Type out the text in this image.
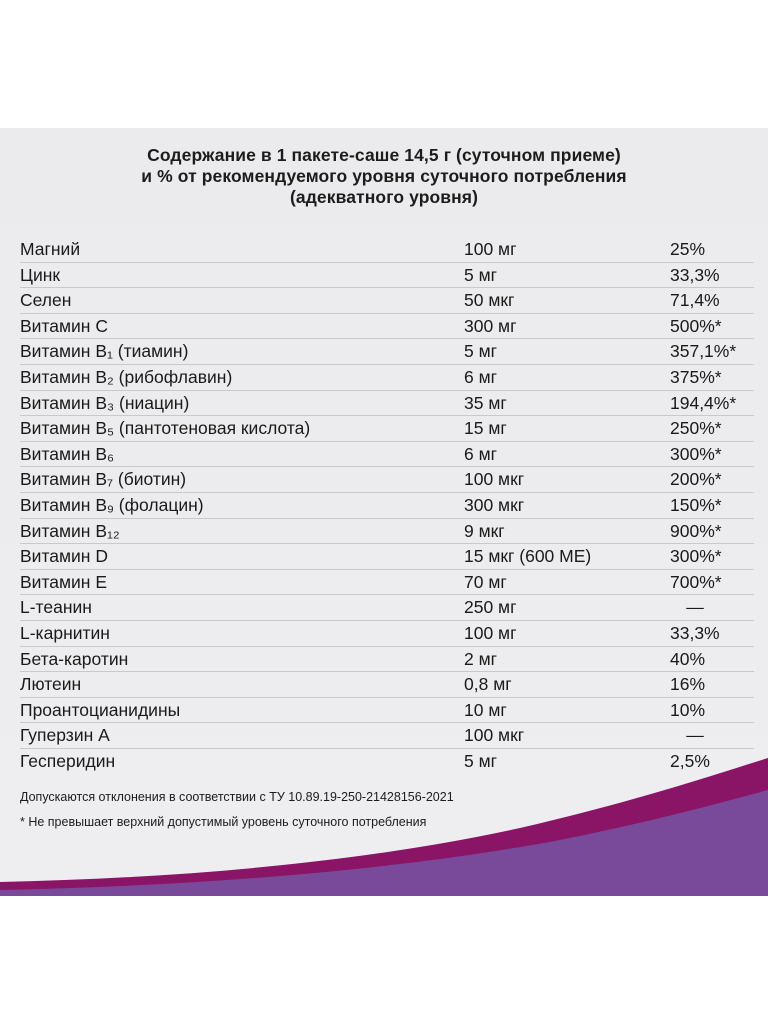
Содержание в 1 пакете-саше 14,5 г (суточном приеме)
и % от рекомендуемого уровня суточного потребления
(адекватного уровня)
Магний	100 мг	25%
Цинк	5 мг	33,3%
Селен	50 мкг	71,4%
Витамин С	300 мг	500%*
Витамин В₁ (тиамин)	5 мг	357,1%*
Витамин В₂ (рибофлавин)	6 мг	375%*
Витамин В₃ (ниацин)	35 мг	194,4%*
Витамин В₅ (пантотеновая кислота)	15 мг	250%*
Витамин В₆	6 мг	300%*
Витамин В₇ (биотин)	100 мкг	200%*
Витамин В₉ (фолацин)	300 мкг	150%*
Витамин В₁₂	9 мкг	900%*
Витамин D	15 мкг (600 МЕ)	300%*
Витамин Е	70 мг	700%*
L-теанин	250 мг	—
L-карнитин	100 мг	33,3%
Бета-каротин	2 мг	40%
Лютеин	0,8 мг	16%
Проантоцианидины	10 мг	10%
Гуперзин А	100 мкг	—
Гесперидин	5 мг	2,5%
Допускаются отклонения в соответствии с ТУ 10.89.19-250-21428156-2021
* Не превышает верхний допустимый уровень суточного потребления
